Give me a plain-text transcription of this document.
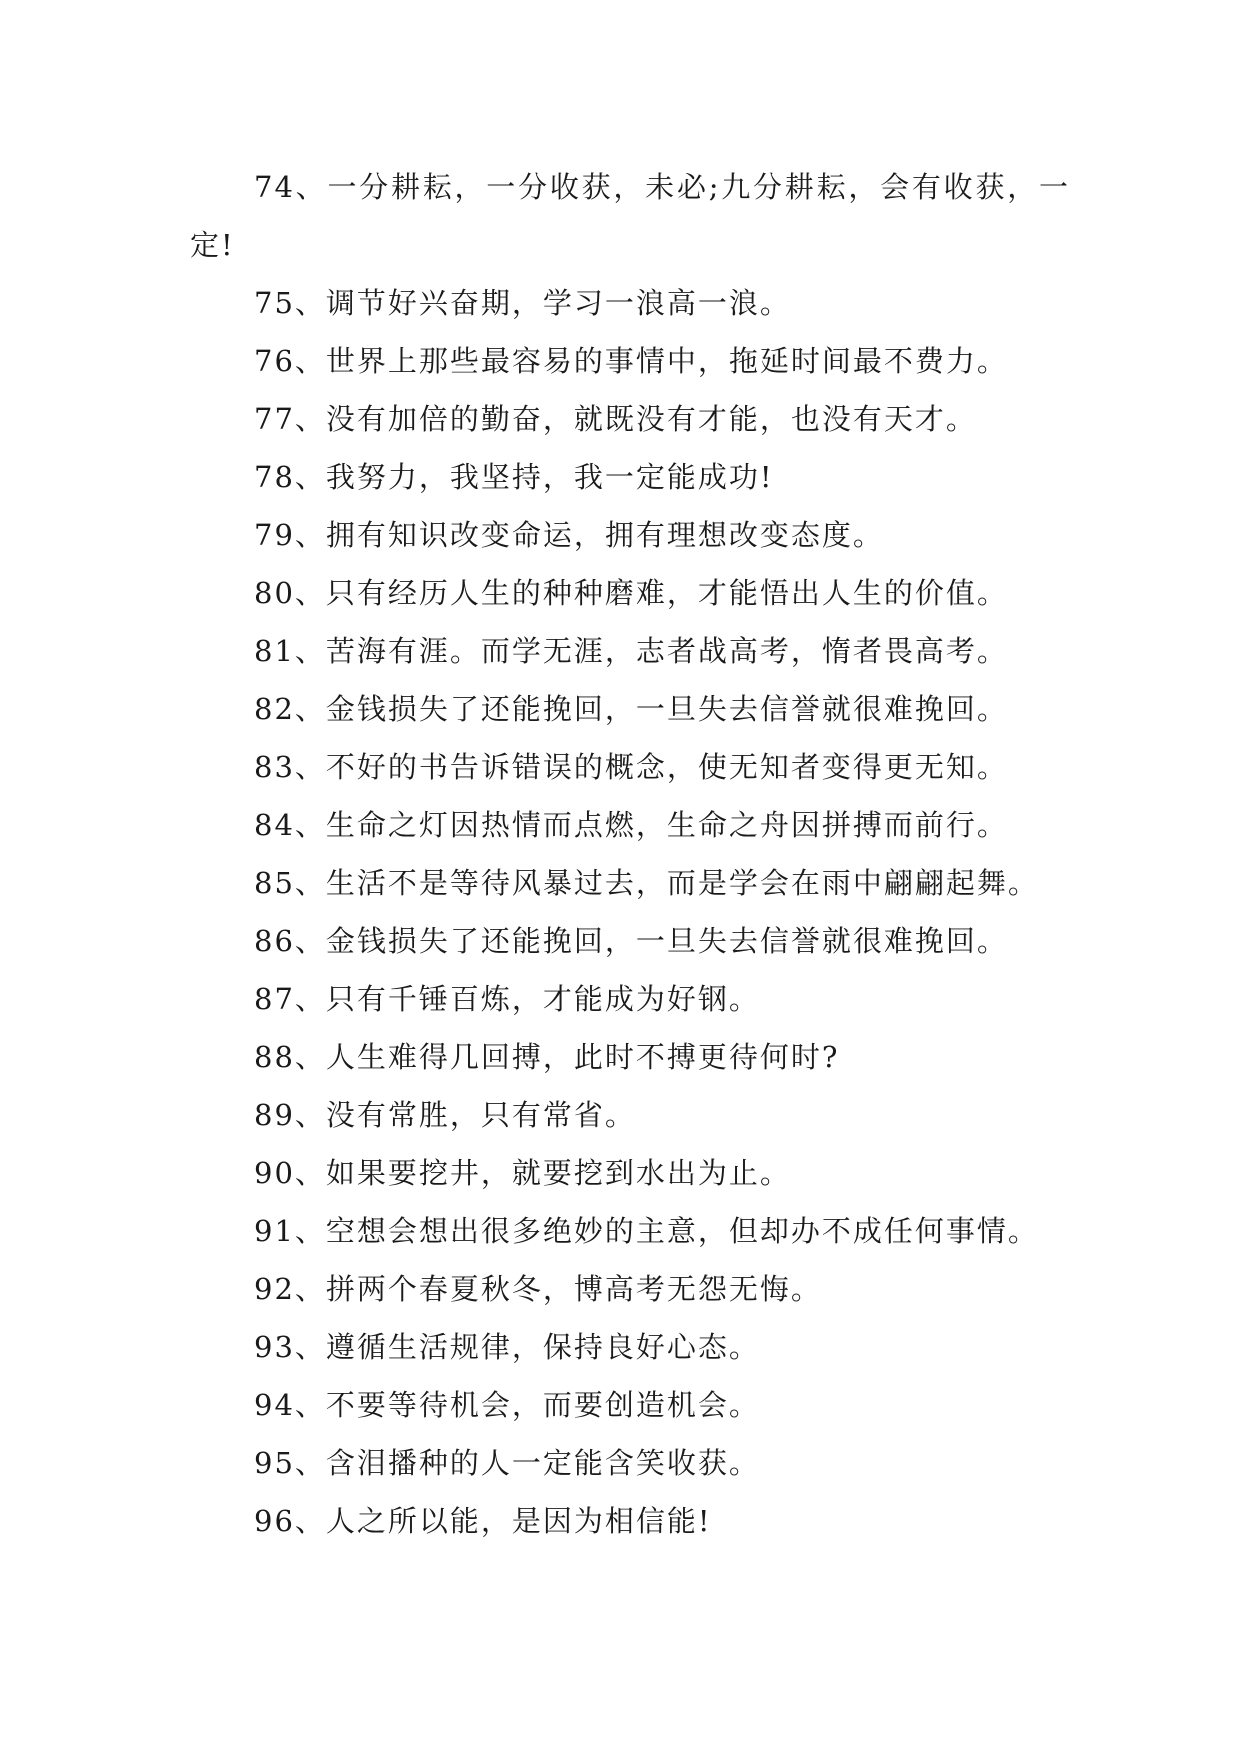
74、一分耕耘，一分收获，未必;九分耕耘，会有收获，一定!

75、调节好兴奋期，学习一浪高一浪。

76、世界上那些最容易的事情中，拖延时间最不费力。

77、没有加倍的勤奋，就既没有才能，也没有天才。

78、我努力，我坚持，我一定能成功!

79、拥有知识改变命运，拥有理想改变态度。

80、只有经历人生的种种磨难，才能悟出人生的价值。

81、苦海有涯。而学无涯，志者战高考，惰者畏高考。

82、金钱损失了还能挽回，一旦失去信誉就很难挽回。

83、不好的书告诉错误的概念，使无知者变得更无知。

84、生命之灯因热情而点燃，生命之舟因拼搏而前行。

85、生活不是等待风暴过去，而是学会在雨中翩翩起舞。

86、金钱损失了还能挽回，一旦失去信誉就很难挽回。

87、只有千锤百炼，才能成为好钢。

88、人生难得几回搏，此时不搏更待何时?

89、没有常胜，只有常省。

90、如果要挖井，就要挖到水出为止。

91、空想会想出很多绝妙的主意，但却办不成任何事情。

92、拼两个春夏秋冬，博高考无怨无悔。

93、遵循生活规律，保持良好心态。

94、不要等待机会，而要创造机会。

95、含泪播种的人一定能含笑收获。

96、人之所以能，是因为相信能!
